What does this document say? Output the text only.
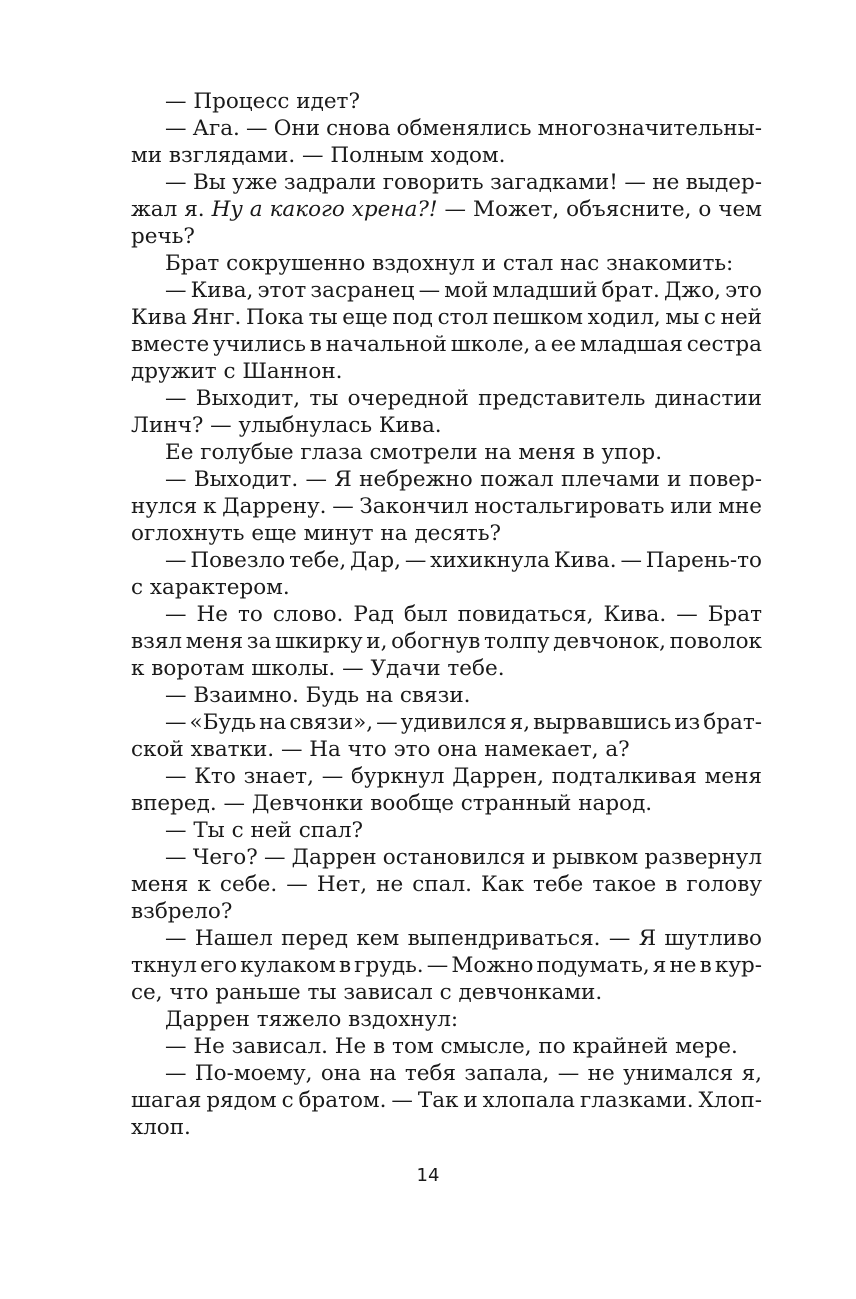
— Процесс идет?
— Ага. — Они снова обменялись многозначительны-
ми взглядами. — Полным ходом.
— Вы уже задрали говорить загадками! — не выдер-
жал я. Ну а какого хрена?! — Может, объясните, о чем
речь?
Брат сокрушенно вздохнул и стал нас знакомить:
— Кива, этот засранец — мой младший брат. Джо, это
Кива Янг. Пока ты еще под стол пешком ходил, мы с ней
вместе учились в начальной школе, а ее младшая сестра
дружит с Шаннон.
— Выходит, ты очередной представитель династии
Линч? — улыбнулась Кива.
Ее голубые глаза смотрели на меня в упор.
— Выходит. — Я небрежно пожал плечами и повер-
нулся к Даррену. — Закончил ностальгировать или мне
оглохнуть еще минут на десять?
— Повезло тебе, Дар, — хихикнула Кива. — Парень-то
с характером.
— Не то слово. Рад был повидаться, Кива. — Брат
взял меня за шкирку и, обогнув толпу девчонок, поволок
к воротам школы. — Удачи тебе.
— Взаимно. Будь на связи.
— «Будь на связи», — удивился я, вырвавшись из брат-
ской хватки. — На что это она намекает, а?
— Кто знает, — буркнул Даррен, подталкивая меня
вперед. — Девчонки вообще странный народ.
— Ты с ней спал?
— Чего? — Даррен остановился и рывком развернул
меня к себе. — Нет, не спал. Как тебе такое в голову
взбрело?
— Нашел перед кем выпендриваться. — Я шутливо
ткнул его кулаком в грудь. — Можно подумать, я не в кур-
се, что раньше ты зависал с девчонками.
Даррен тяжело вздохнул:
— Не зависал. Не в том смысле, по крайней мере.
— По-моему, она на тебя запала, — не унимался я,
шагая рядом с братом. — Так и хлопала глазками. Хлоп-
хлоп.
14
